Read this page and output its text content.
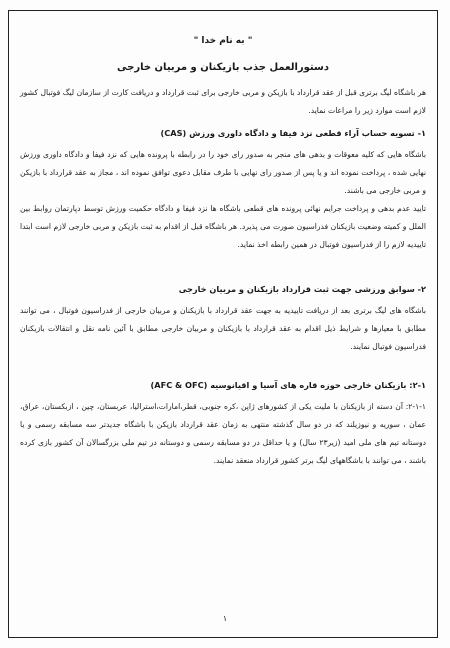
" به نام خدا "
دستورالعمل جذب بازیکنان و مربیان خارجی

هر باشگاه لیگ برتری قبل از عقد قرارداد با بازیکن و مربی خارجی برای ثبت قرارداد و دریافت کارت از سازمان لیگ فوتبال کشور لازم است موارد زیر را مراعات نماید.

۱- تسویه حساب آراء قطعی نزد فیفا و دادگاه داوری ورزش (CAS)

باشگاه هایی که کلیه معوقات و بدهی های منجر به صدور رای خود را در رابطه با پرونده هایی که نزد فیفا و دادگاه داوری ورزش نهایی شده ، پرداخت نموده اند و یا پس از صدور رای نهایی با طرف مقابل دعوی توافق نموده اند ، مجاز به عقد قرارداد با بازیکن و مربی خارجی می باشند.

تایید عدم بدهی و پرداخت جرایم نهائی پرونده های قطعی باشگاه ها نزد فیفا و دادگاه حکمیت ورزش توسط دپارتمان روابط بین الملل و کمیته وضعیت بازیکنان فدراسیون صورت می پذیرد. هر باشگاه قبل از اقدام به ثبت بازیکن و مربی خارجی لازم است ابتدا تاییدیه لازم را از فدراسیون فوتبال در همین رابطه اخذ نماید.

۲- سوابق ورزشی جهت ثبت قرارداد بازیکنان و مربیان خارجی

باشگاه های لیگ برتری بعد از دریافت تاییدیه به جهت عقد قرارداد با بازیکنان و مربیان خارجی از فدراسیون فوتبال ، می توانند مطابق با معیارها و شرایط ذیل اقدام به عقد قرارداد با بازیکنان و مربیان خارجی مطابق با آئین نامه نقل و انتقالات بازیکنان فدراسیون فوتبال نمایند.

۲-۱: بازیکنان خارجی حوزه قاره های آسیا و اقیانوسیه (AFC & OFC)

۲-۱-۱: آن دسته از بازیکنان با ملیت یکی از کشورهای ژاپن ،کره جنوبی، قطر،امارات،استرالیا، عربستان، چین ، ازبکستان، عراق، عمان ، سوریه و نیوزیلند که در دو سال گذشته منتهی به زمان عقد قرارداد بازیکن با باشگاه جدیدتر سه مسابقه رسمی و یا دوستانه تیم های ملی امید (زیر۲۳ سال) و یا حداقل در دو مسابقه رسمی و دوستانه در تیم ملی بزرگسالان آن کشور بازی کرده باشند ، می توانند با باشگاههای لیگ برتر کشور قرارداد منعقد نمایند.

۱
